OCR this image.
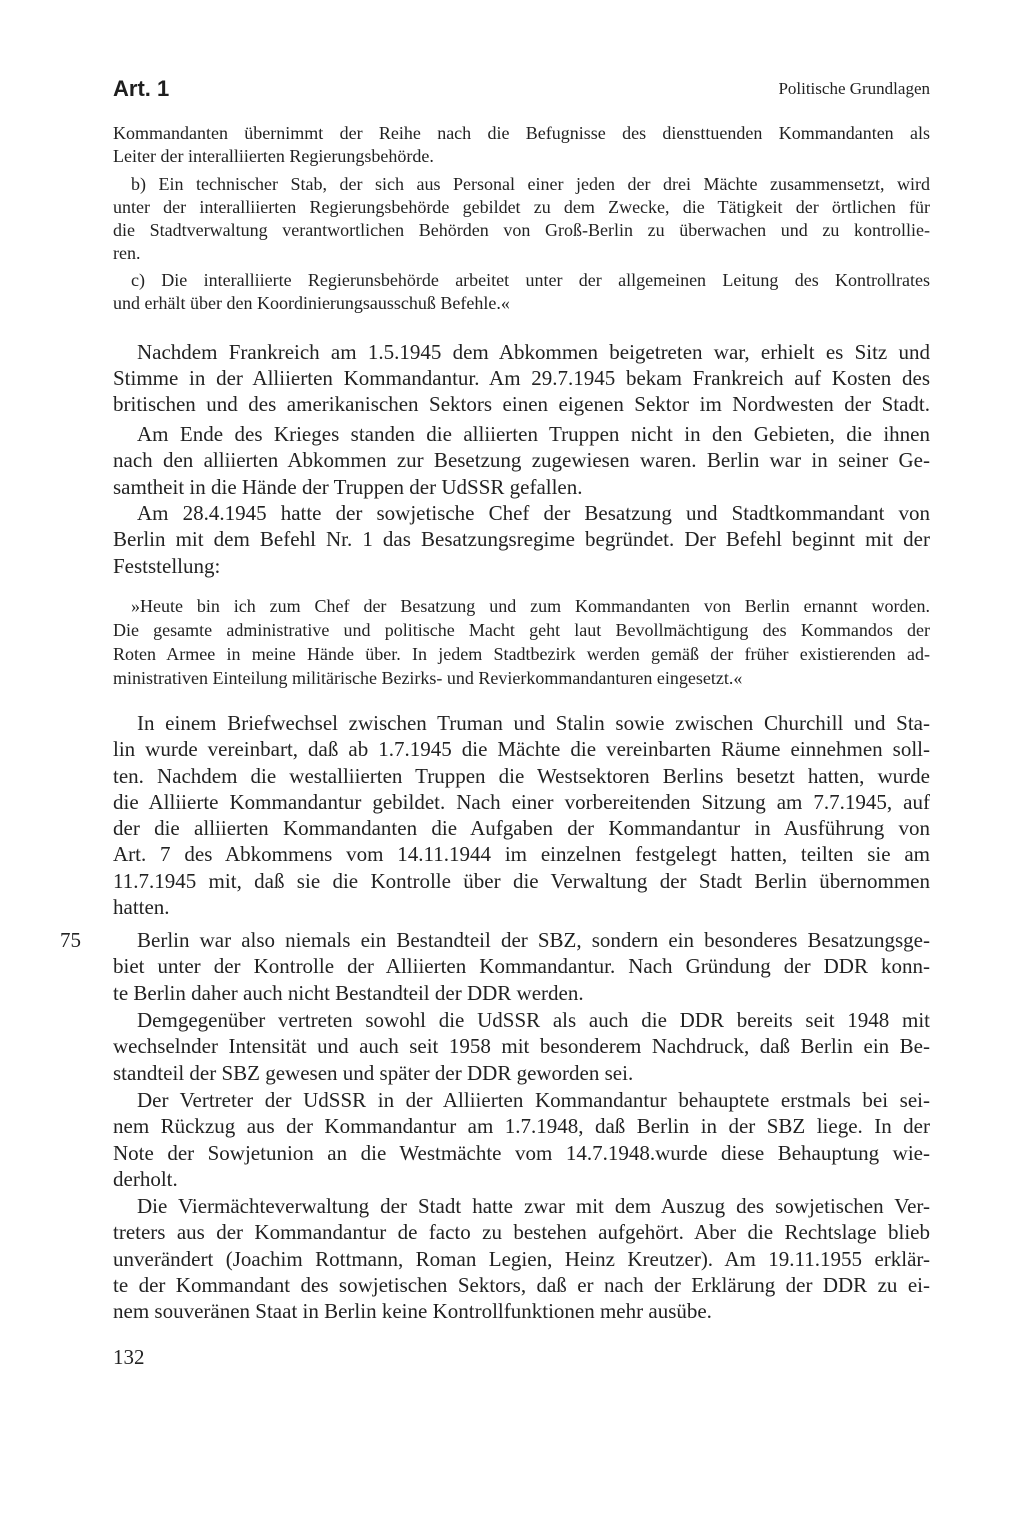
Art. 1	Politische Grundlagen
Kommandanten übernimmt der Reihe nach die Befugnisse des diensttuenden Kommandanten als
Leiter der interalliierten Regierungsbehörde.
b) Ein technischer Stab, der sich aus Personal einer jeden der drei Mächte zusammensetzt, wird
unter der interalliierten Regierungsbehörde gebildet zu dem Zwecke, die Tätigkeit der örtlichen für
die Stadtverwaltung verantwortlichen Behörden von Groß-Berlin zu überwachen und zu kontrollie-
ren.
c) Die interalliierte Regierunsbehörde arbeitet unter der allgemeinen Leitung des Kontrollrates
und erhält über den Koordinierungsausschuß Befehle.«
Nachdem Frankreich am 1.5.1945 dem Abkommen beigetreten war, erhielt es Sitz und
Stimme in der Alliierten Kommandantur. Am 29.7.1945 bekam Frankreich auf Kosten des
britischen und des amerikanischen Sektors einen eigenen Sektor im Nordwesten der Stadt.
Am Ende des Krieges standen die alliierten Truppen nicht in den Gebieten, die ihnen
nach den alliierten Abkommen zur Besetzung zugewiesen waren. Berlin war in seiner Ge-
samtheit in die Hände der Truppen der UdSSR gefallen.
Am 28.4.1945 hatte der sowjetische Chef der Besatzung und Stadtkommandant von
Berlin mit dem Befehl Nr. 1 das Besatzungsregime begründet. Der Befehl beginnt mit der
Feststellung:
»Heute bin ich zum Chef der Besatzung und zum Kommandanten von Berlin ernannt worden.
Die gesamte administrative und politische Macht geht laut Bevollmächtigung des Kommandos der
Roten Armee in meine Hände über. In jedem Stadtbezirk werden gemäß der früher existierenden ad-
ministrativen Einteilung militärische Bezirks- und Revierkommandanturen eingesetzt.«
In einem Briefwechsel zwischen Truman und Stalin sowie zwischen Churchill und Sta-
lin wurde vereinbart, daß ab 1.7.1945 die Mächte die vereinbarten Räume einnehmen soll-
ten. Nachdem die westalliierten Truppen die Westsektoren Berlins besetzt hatten, wurde
die Alliierte Kommandantur gebildet. Nach einer vorbereitenden Sitzung am 7.7.1945, auf
der die alliierten Kommandanten die Aufgaben der Kommandantur in Ausführung von
Art. 7 des Abkommens vom 14.11.1944 im einzelnen festgelegt hatten, teilten sie am
11.7.1945 mit, daß sie die Kontrolle über die Verwaltung der Stadt Berlin übernommen
hatten.
75	Berlin war also niemals ein Bestandteil der SBZ, sondern ein besonderes Besatzungsge-
biet unter der Kontrolle der Alliierten Kommandantur. Nach Gründung der DDR konn-
te Berlin daher auch nicht Bestandteil der DDR werden.
Demgegenüber vertreten sowohl die UdSSR als auch die DDR bereits seit 1948 mit
wechselnder Intensität und auch seit 1958 mit besonderem Nachdruck, daß Berlin ein Be-
standteil der SBZ gewesen und später der DDR geworden sei.
Der Vertreter der UdSSR in der Alliierten Kommandantur behauptete erstmals bei sei-
nem Rückzug aus der Kommandantur am 1.7.1948, daß Berlin in der SBZ liege. In der
Note der Sowjetunion an die Westmächte vom 14.7.1948.wurde diese Behauptung wie-
derholt.
Die Viermächteverwaltung der Stadt hatte zwar mit dem Auszug des sowjetischen Ver-
treters aus der Kommandantur de facto zu bestehen aufgehört. Aber die Rechtslage blieb
unverändert (Joachim Rottmann, Roman Legien, Heinz Kreutzer). Am 19.11.1955 erklär-
te der Kommandant des sowjetischen Sektors, daß er nach der Erklärung der DDR zu ei-
nem souveränen Staat in Berlin keine Kontrollfunktionen mehr ausübe.
132
